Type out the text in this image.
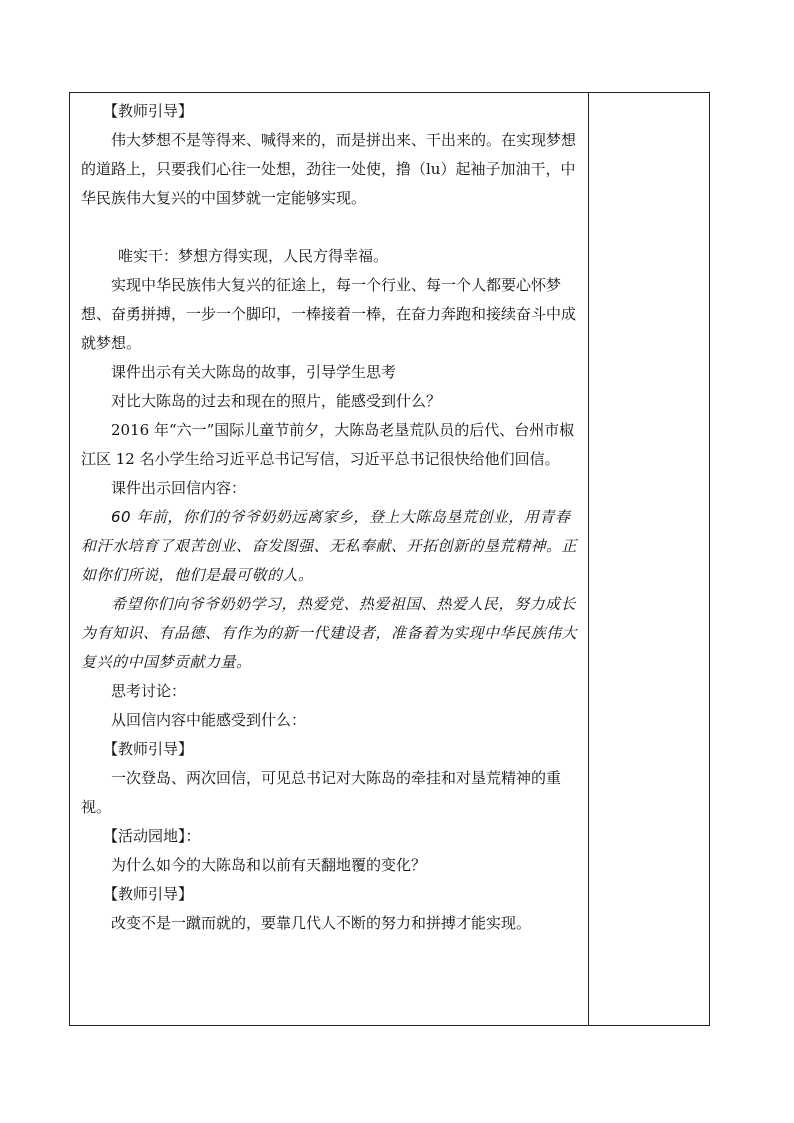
【教师引导】

伟大梦想不是等得来、喊得来的，而是拼出来、干出来的。在实现梦想的道路上，只要我们心往一处想，劲往一处使，撸（lu）起袖子加油干，中华民族伟大复兴的中国梦就一定能够实现。

唯实干：梦想方得实现，人民方得幸福。

实现中华民族伟大复兴的征途上，每一个行业、每一个人都要心怀梦想、奋勇拼搏，一步一个脚印，一棒接着一棒，在奋力奔跑和接续奋斗中成就梦想。

课件出示有关大陈岛的故事，引导学生思考

对比大陈岛的过去和现在的照片，能感受到什么？

2016 年“六一”国际儿童节前夕，大陈岛老垦荒队员的后代、台州市椒江区 12 名小学生给习近平总书记写信，习近平总书记很快给他们回信。

课件出示回信内容：

60 年前，你们的爷爷奶奶远离家乡，登上大陈岛垦荒创业，用青春和汗水培育了艰苦创业、奋发图强、无私奉献、开拓创新的垦荒精神。正如你们所说，他们是最可敬的人。

希望你们向爷爷奶奶学习，热爱党、热爱祖国、热爱人民，努力成长为有知识、有品德、有作为的新一代建设者，准备着为实现中华民族伟大复兴的中国梦贡献力量。

思考讨论：

从回信内容中能感受到什么：

【教师引导】

一次登岛、两次回信，可见总书记对大陈岛的牵挂和对垦荒精神的重视。

【活动园地】：

为什么如今的大陈岛和以前有天翻地覆的变化？

【教师引导】

改变不是一蹴而就的，要靠几代人不断的努力和拼搏才能实现。
